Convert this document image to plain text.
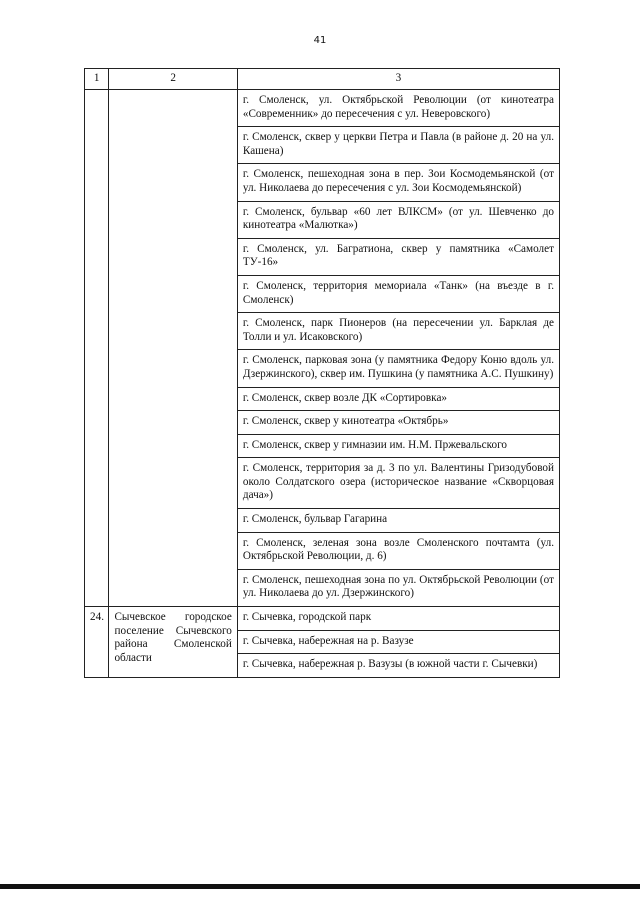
41
1	2	3
		г. Смоленск, ул. Октябрьской Революции (от кинотеатра «Современник» до пересечения с ул. Неверовского)
		г. Смоленск, сквер у церкви Петра и Павла (в районе д. 20 на ул. Кашена)
		г. Смоленск, пешеходная зона в пер. Зои Космодемьянской (от ул. Николаева до пересечения с ул. Зои Космодемьянской)
		г. Смоленск, бульвар «60 лет ВЛКСМ» (от ул. Шевченко до кинотеатра «Малютка»)
		г. Смоленск, ул. Багратиона, сквер у памятника «Самолет ТУ-16»
		г. Смоленск, территория мемориала «Танк» (на въезде в г. Смоленск)
		г. Смоленск, парк Пионеров (на пересечении ул. Барклая де Толли и ул. Исаковского)
		г. Смоленск, парковая зона (у памятника Федору Коню вдоль ул. Дзержинского), сквер им. Пушкина (у памятника А.С. Пушкину)
		г. Смоленск, сквер возле ДК «Сортировка»
		г. Смоленск, сквер у кинотеатра «Октябрь»
		г. Смоленск, сквер у гимназии им. Н.М. Пржевальского
		г. Смоленск, территория за д. 3 по ул. Валентины Гризодубовой около Солдатского озера (историческое название «Скворцовая дача»)
		г. Смоленск, бульвар Гагарина
		г. Смоленск, зеленая зона возле Смоленского почтамта (ул. Октябрьской Революции, д. 6)
		г. Смоленск, пешеходная зона по ул. Октябрьской Революции (от ул. Николаева до ул. Дзержинского)
24.	Сычевское городское поселение Сычевского района Смоленской области	г. Сычевка, городской парк
		г. Сычевка, набережная на р. Вазузе
		г. Сычевка, набережная р. Вазузы (в южной части г. Сычевки)
